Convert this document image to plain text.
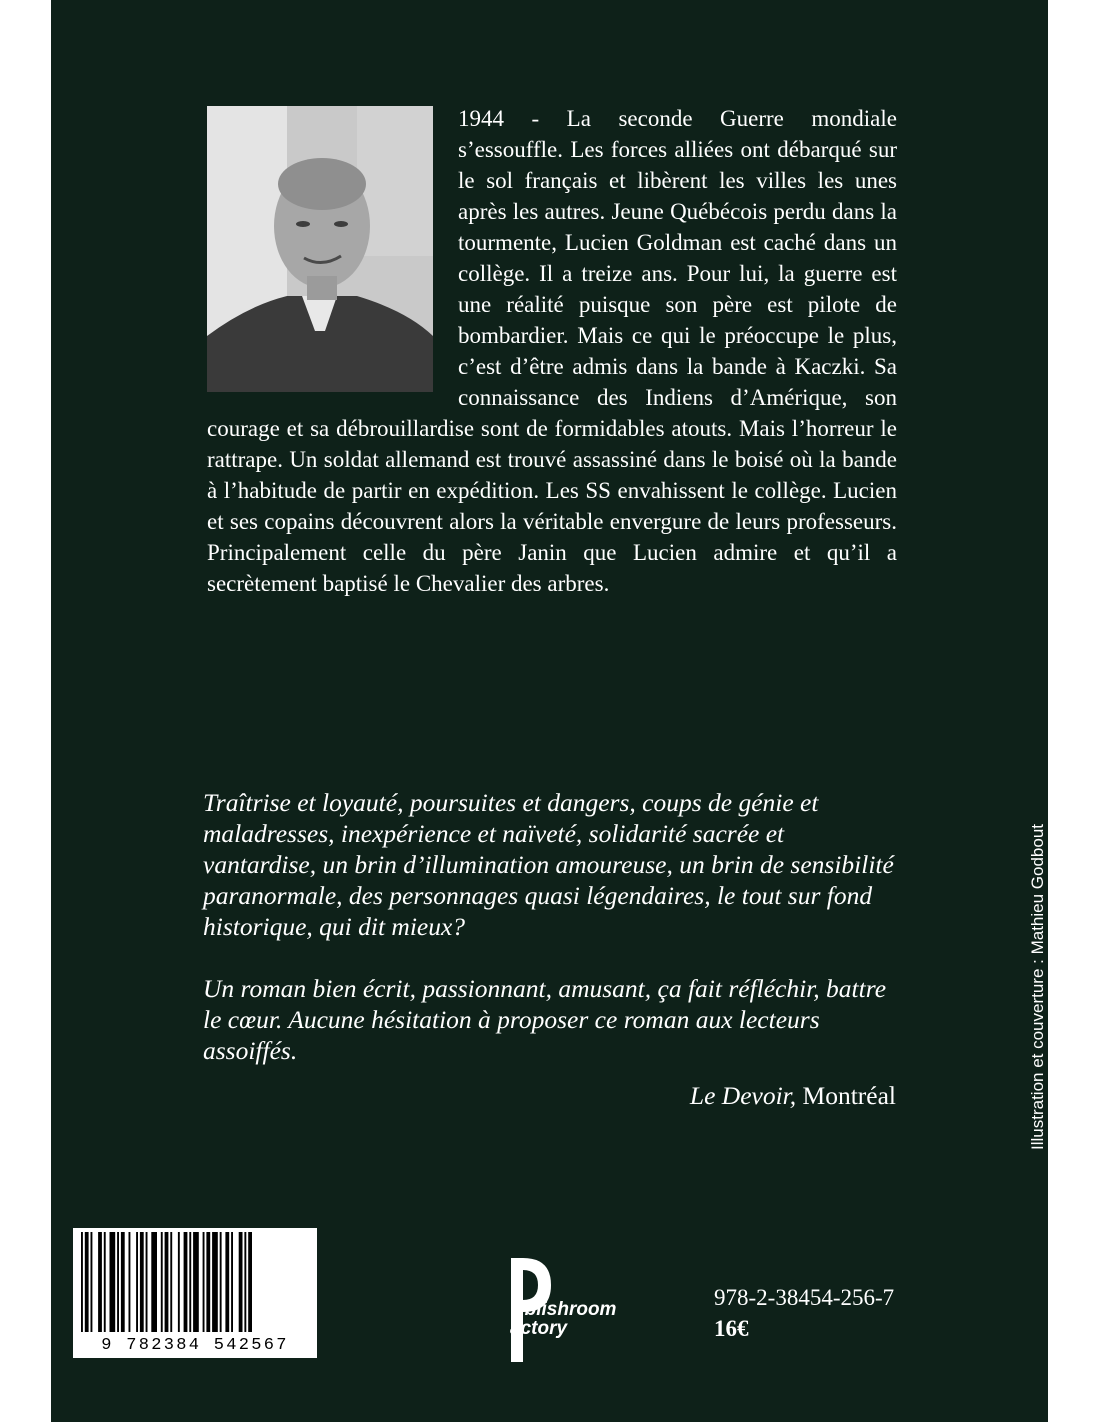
1944 - La seconde Guerre mondiale s’essouffle. Les forces alliées ont débarqué sur le sol français et libèrent les villes les unes après les autres. Jeune Québécois perdu dans la tourmente, Lucien Goldman est caché dans un collège. Il a treize ans. Pour lui, la guerre est une réalité puisque son père est pilote de bombardier. Mais ce qui le préoccupe le plus, c’est d’être admis dans la bande à Kaczki. Sa connaissance des Indiens d’Amérique, son courage et sa débrouillardise sont de formidables atouts. Mais l’horreur le rattrape. Un soldat allemand est trouvé assassiné dans le boisé où la bande à l’habitude de partir en expédition. Les SS envahissent le collège. Lucien et ses copains découvrent alors la véritable envergure de leurs professeurs. Principalement celle du père Janin que Lucien admire et qu’il a secrètement baptisé le Chevalier des arbres.

Traîtrise et loyauté, poursuites et dangers, coups de génie et maladresses, inexpérience et naïveté, solidarité sacrée et vantardise, un brin d’illumination amoureuse, un brin de sensibilité paranormale, des personnages quasi légendaires, le tout sur fond historique, qui dit mieux?

Un roman bien écrit, passionnant, amusant, ça fait réfléchir, battre le cœur. Aucune hésitation à proposer ce roman aux lecteurs assoiffés.

Le Devoir, Montréal	Illustration et couverture : Mathieu Godbout
978-2-38454-256-7
16€
ublishroom
actory
9 782384 542567
